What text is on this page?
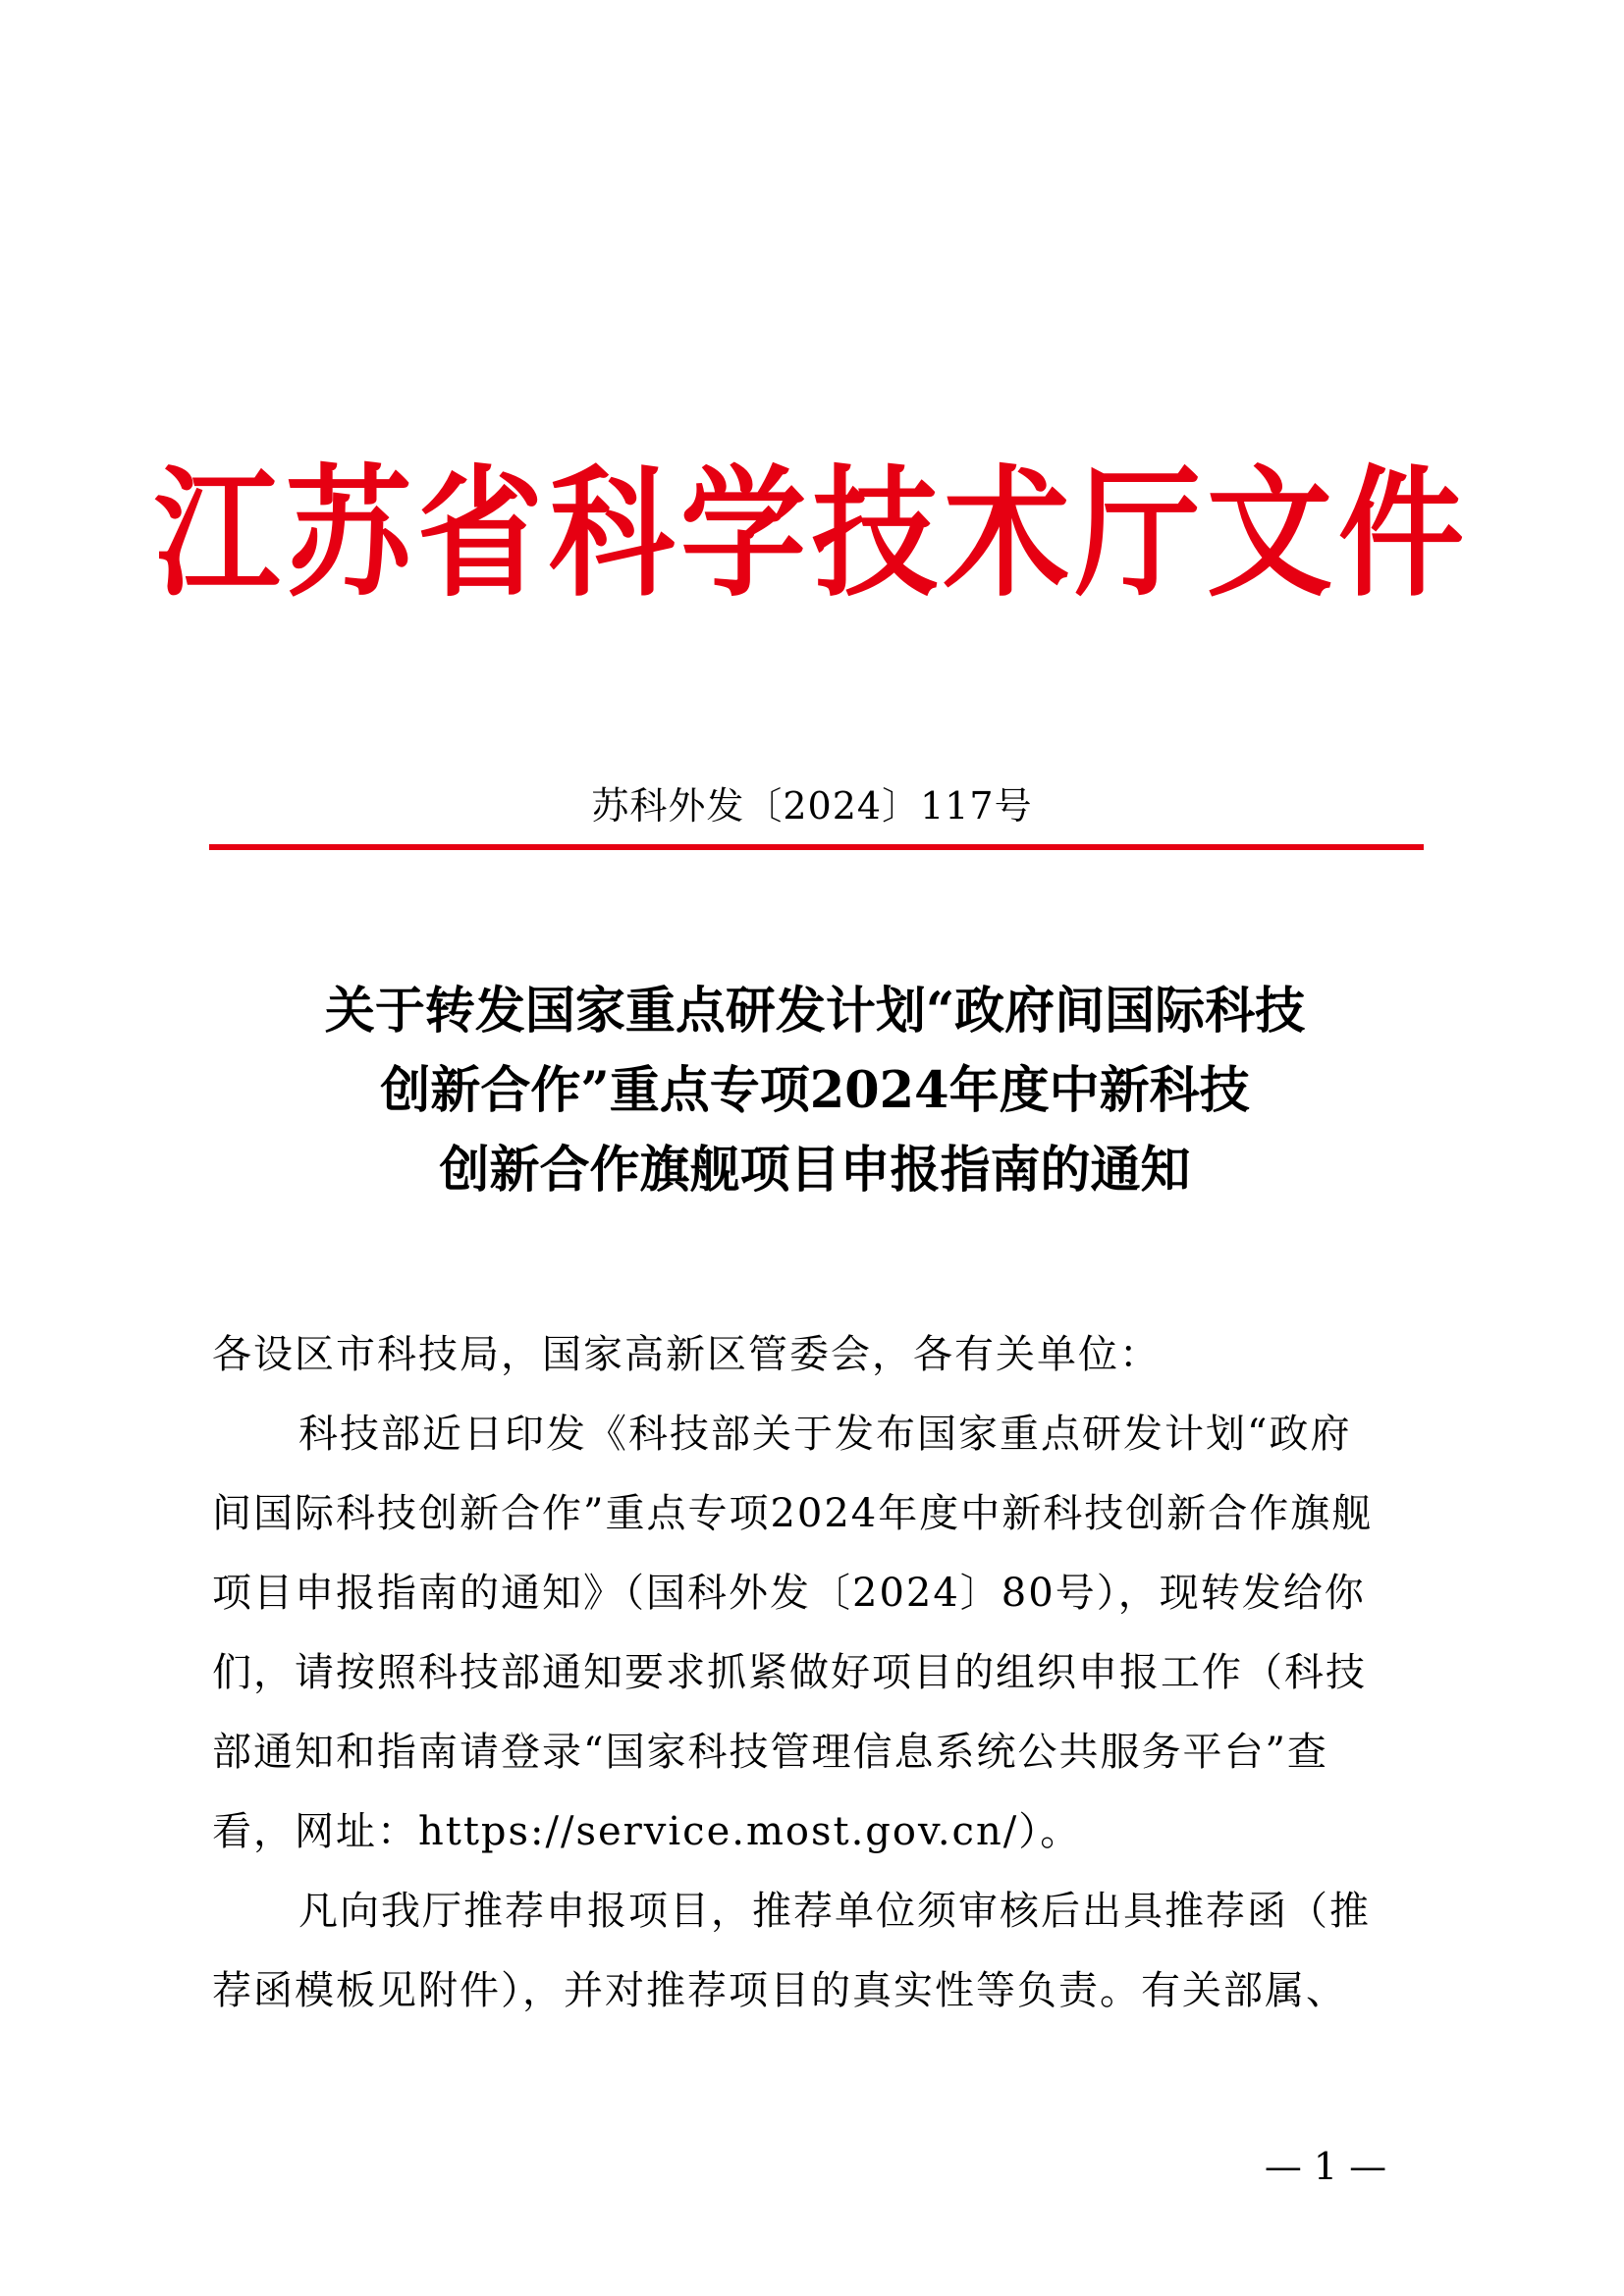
江苏省科学技术厅文件
苏科外发〔2024〕117号
关于转发国家重点研发计划“政府间国际科技
创新合作”重点专项2024年度中新科技
创新合作旗舰项目申报指南的通知

各设区市科技局，国家高新区管委会，各有关单位：

科技部近日印发《科技部关于发布国家重点研发计划“政府

间国际科技创新合作”重点专项2024年度中新科技创新合作旗舰

项目申报指南的通知》（国科外发〔2024〕80号），现转发给你

们，请按照科技部通知要求抓紧做好项目的组织申报工作（科技

部通知和指南请登录“国家科技管理信息系统公共服务平台”查

看，网址：https://service.most.gov.cn/）。

凡向我厅推荐申报项目，推荐单位须审核后出具推荐函（推

荐函模板见附件），并对推荐项目的真实性等负责。有关部属、

— 1 —
